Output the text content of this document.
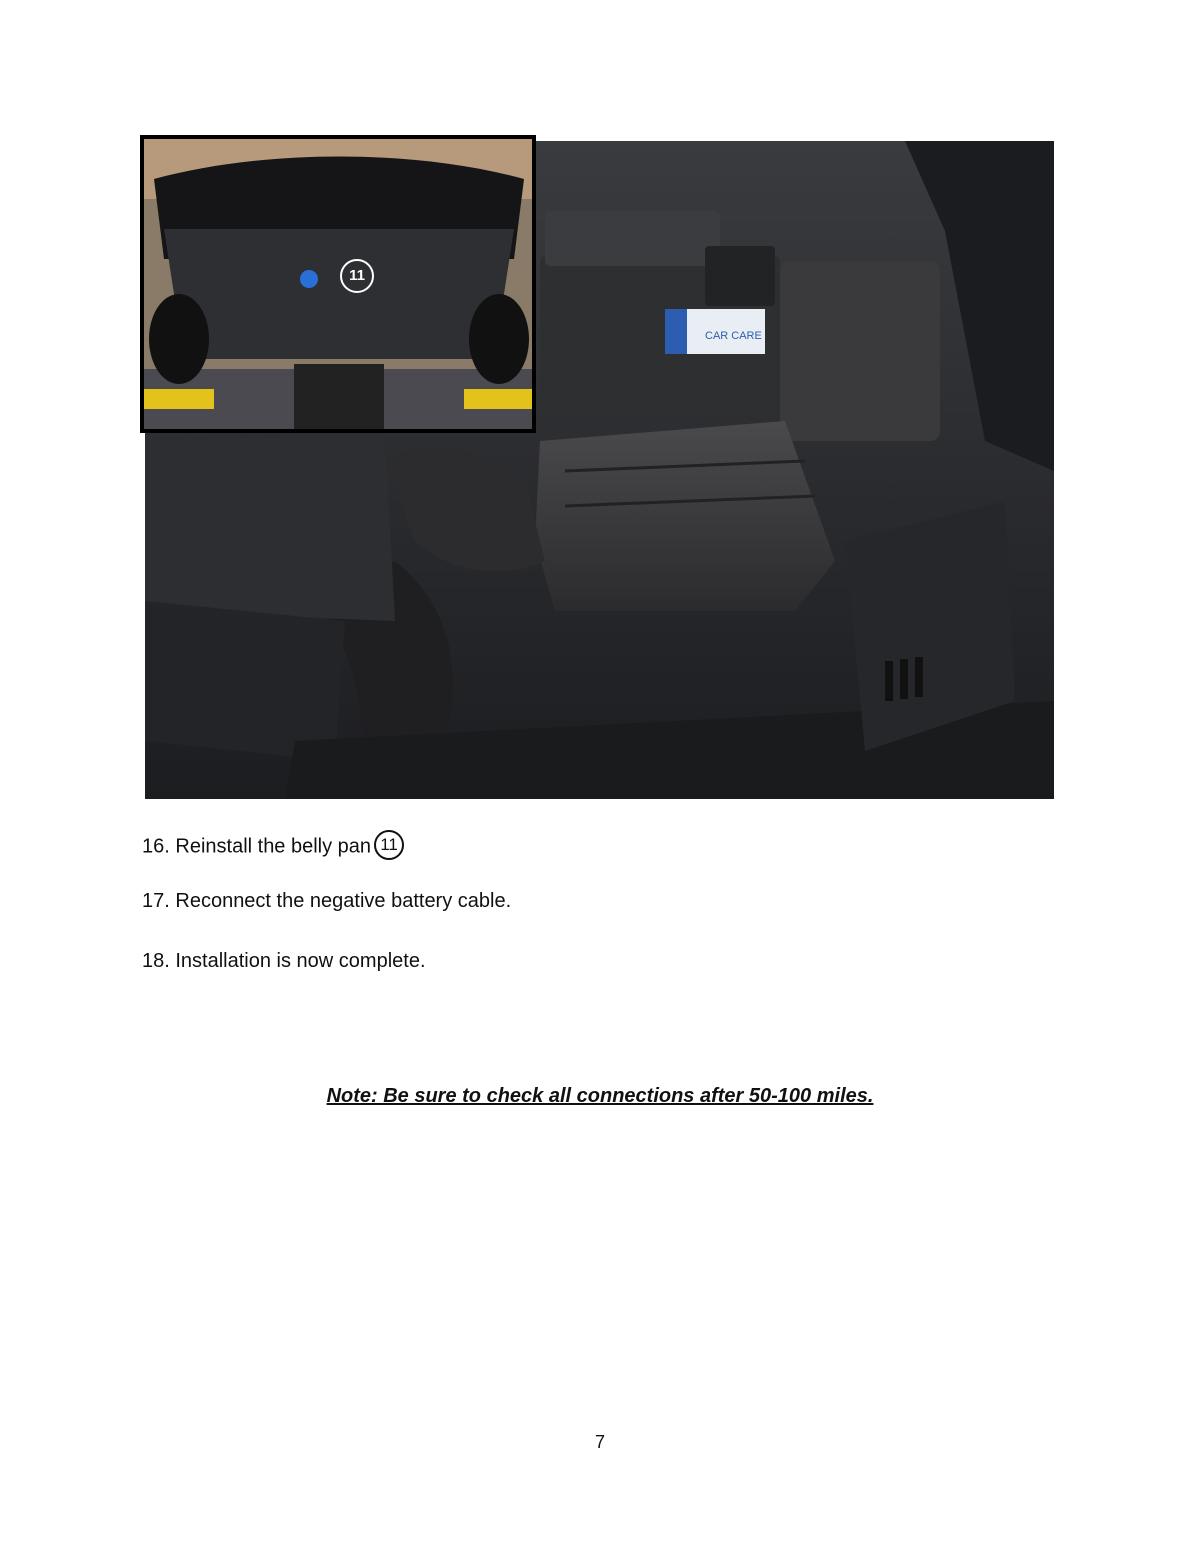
CAR CARE
11
16. Reinstall the belly pan 11
17. Reconnect the negative battery cable.
18. Installation is now complete.
Note: Be sure to check all connections after 50-100 miles.
7
